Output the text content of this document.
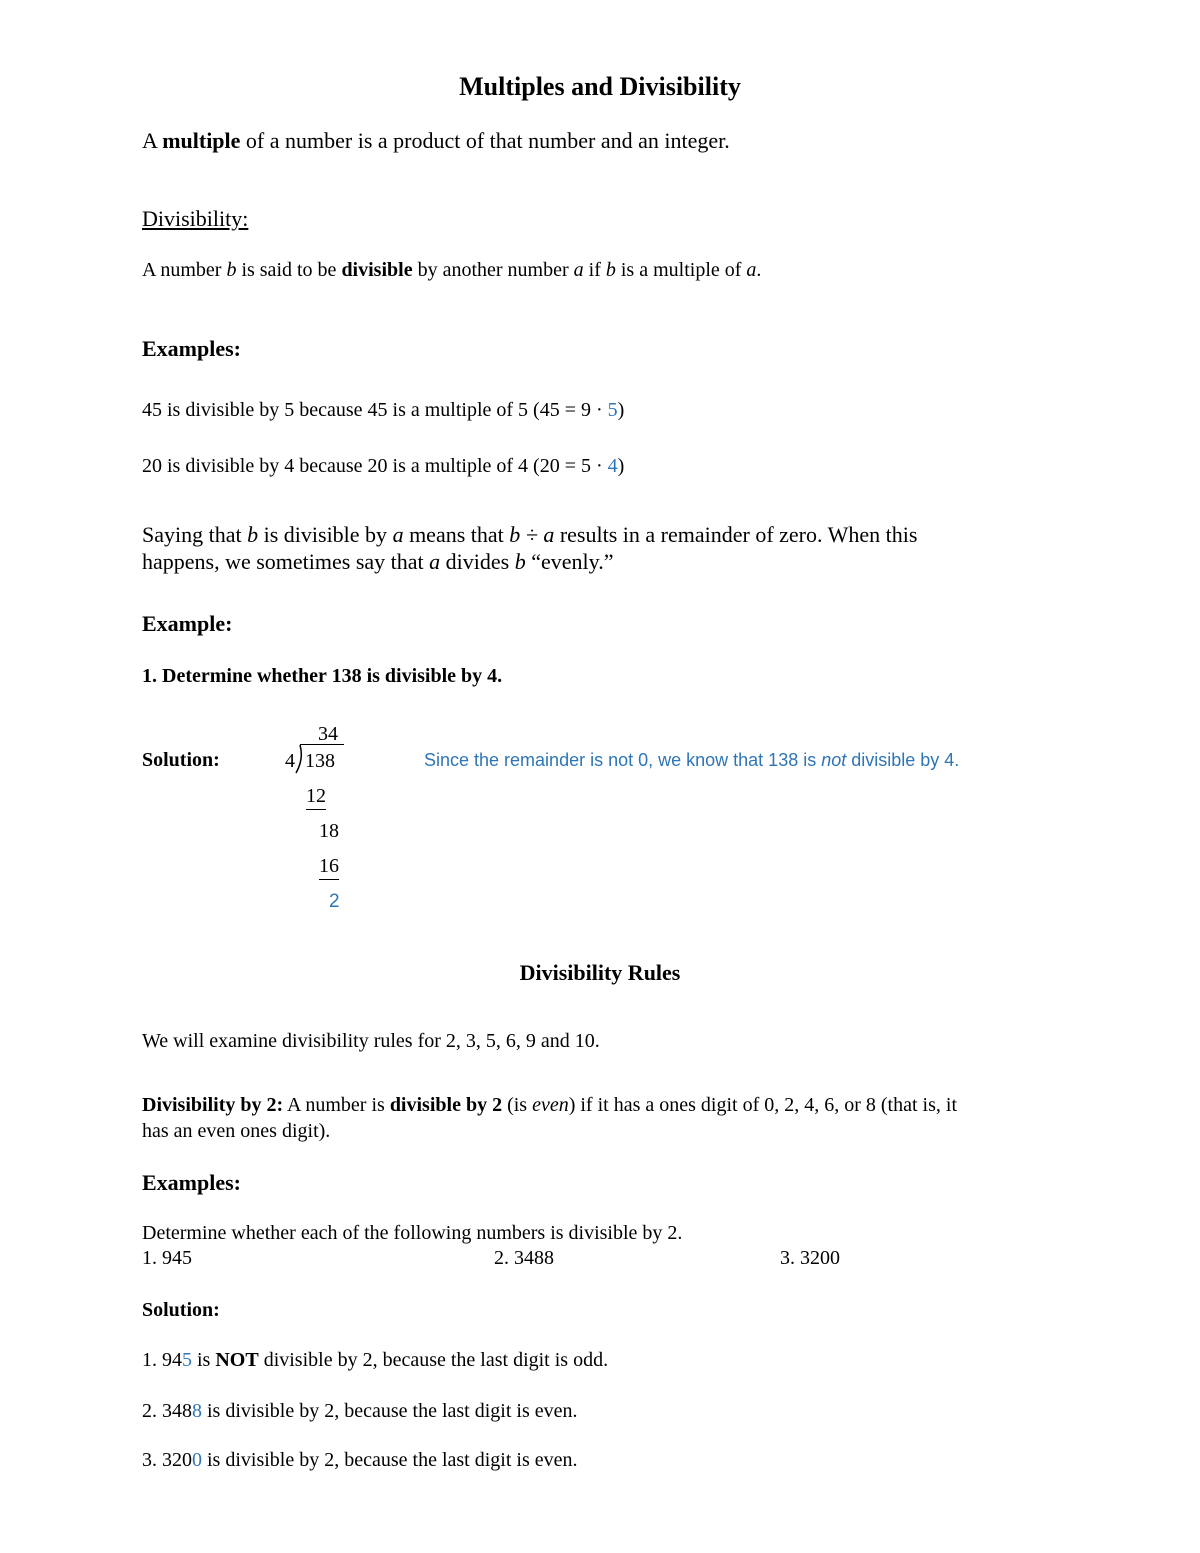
Multiples and Divisibility

A multiple of a number is a product of that number and an integer.

Divisibility:

A number b is said to be divisible by another number a if b is a multiple of a.

Examples:

45 is divisible by 5 because 45 is a multiple of 5 (45 = 9 · 5)

20 is divisible by 4 because 20 is a multiple of 4 (20 = 5 · 4)

Saying that b is divisible by a means that b ÷ a results in a remainder of zero. When this

happens, we sometimes say that a divides b “evenly.”

Example:

1. Determine whether 138 is divisible by 4.

Solution:

34
4 138
12
18
16
2

Since the remainder is not 0, we know that 138 is not divisible by 4.

Divisibility Rules

We will examine divisibility rules for 2, 3, 5, 6, 9 and 10.

Divisibility by 2: A number is divisible by 2 (is even) if it has a ones digit of 0, 2, 4, 6, or 8 (that is, it

has an even ones digit).

Examples:

Determine whether each of the following numbers is divisible by 2.

1. 945	2. 3488	3. 3200

Solution:

1. 945 is NOT divisible by 2, because the last digit is odd.

2. 3488 is divisible by 2, because the last digit is even.

3. 3200 is divisible by 2, because the last digit is even.
